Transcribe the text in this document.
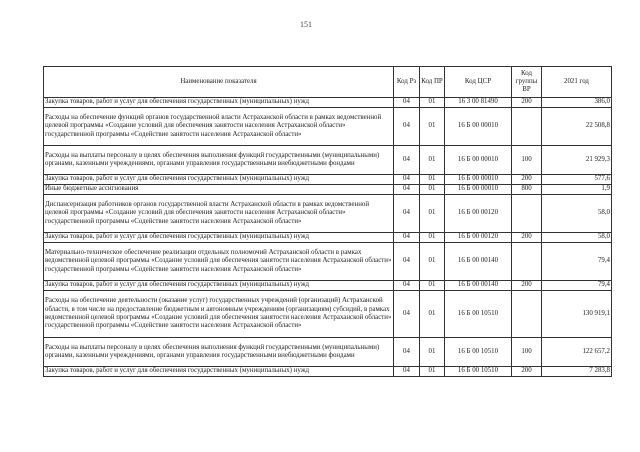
151
Наименование показателя	Код Рз	Код ПР	Код ЦСР	Код группы ВР	2021 год
Закупка товаров, работ и услуг для обеспечения государственных (муниципальных) нужд	04	01	16 3 00 81490	200	386,0
Расходы на обеспечение функций органов государственной власти Астраханской области в рамках ведомственной целевой программы «Создание условий для обеспечения занятости населения Астраханской области» государственной программы «Содействие занятости населения Астраханской области»	04	01	16 Б 00 00010		22 508,8
Расходы на выплаты персоналу в целях обеспечения выполнения функций государственными (муниципальными) органами, казенными учреждениями, органами управления государственными внебюджетными фондами	04	01	16 Б 00 00010	100	21 929,3
Закупка товаров, работ и услуг для обеспечения государственных (муниципальных) нужд	04	01	16 Б 00 00010	200	577,6
Иные бюджетные ассигнования	04	01	16 Б 00 00010	800	1,9
Диспансеризация работников органов государственной власти Астраханской области в рамках ведомственной целевой программы «Создание условий для обеспечения занятости населения Астраханской области» государственной программы «Содействие занятости населения Астраханской области»	04	01	16 Б 00 00120		58,0
Закупка товаров, работ и услуг для обеспечения государственных (муниципальных) нужд	04	01	16 Б 00 00120	200	58,0
Материально-техническое обеспечение реализации отдельных полномочий Астраханской области в рамках ведомственной целевой программы «Создание условий для обеспечения занятости населения Астраханской области» государственной программы «Содействие занятости населения Астраханской области»	04	01	16 Б 00 00140		79,4
Закупка товаров, работ и услуг для обеспечения государственных (муниципальных) нужд	04	01	16 Б 00 00140	200	79,4
Расходы на обеспечение деятельности (оказание услуг) государственных учреждений (организаций) Астраханской области, в том числе на предоставление бюджетным и автономным учреждениям (организациям) субсидий, в рамках ведомственной целевой программы «Создание условий для обеспечения занятости населения Астраханской области» государственной программы «Содействие занятости населения Астраханской области»	04	01	16 Б 00 10510		130 919,1
Расходы на выплаты персоналу в целях обеспечения выполнения функций государственными (муниципальными) органами, казенными учреждениями, органами управления государственными внебюджетными фондами	04	01	16 Б 00 10510	100	122 657,2
Закупка товаров, работ и услуг для обеспечения государственных (муниципальных) нужд	04	01	16 Б 00 10510	200	7 283,8
